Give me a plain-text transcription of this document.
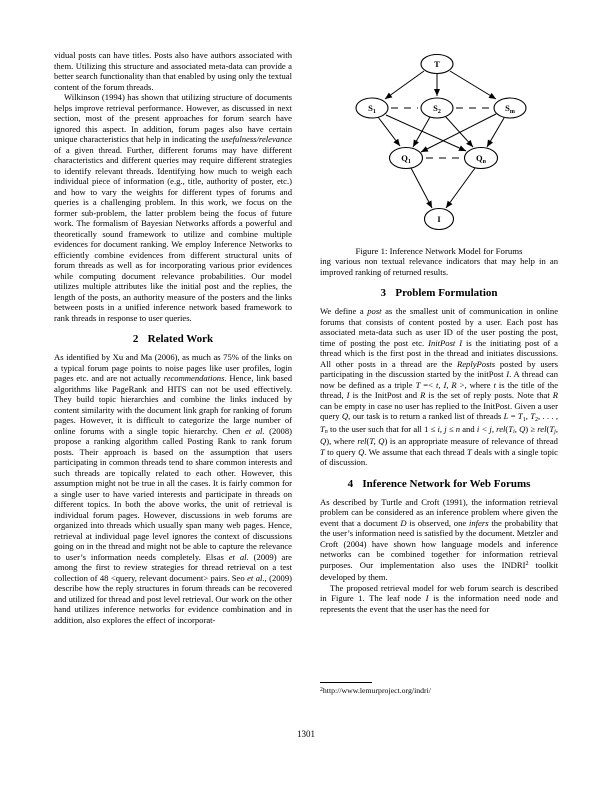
vidual posts can have titles. Posts also have authors associated with them. Utilizing this structure and associated meta-data can provide a better search functionality than that enabled by using only the textual content of the forum threads.

Wilkinson (1994) has shown that utilizing structure of documents helps improve retrieval performance. However, as discussed in next section, most of the present approaches for forum search have ignored this aspect. In addition, forum pages also have certain unique characteristics that help in indicating the usefulness/relevance of a given thread. Further, different forums may have different characteristics and different queries may require different strategies to identify relevant threads. Identifying how much to weigh each individual piece of information (e.g., title, authority of poster, etc.) and how to vary the weights for different types of forums and queries is a challenging problem. In this work, we focus on the former sub-problem, the latter problem being the focus of future work. The formalism of Bayesian Networks affords a powerful and theoretically sound framework to utilize and combine multiple evidences for document ranking. We employ Inference Networks to efficiently combine evidences from different structural units of forum threads as well as for incorporating various prior evidences while computing document relevance probabilities. Our model utilizes multiple attributes like the initial post and the replies, the length of the posts, an authority measure of the posters and the links between posts in a unified inference network based framework to rank threads in response to user queries.

2 Related Work

As identified by Xu and Ma (2006), as much as 75% of the links on a typical forum page points to noise pages like user profiles, login pages etc. and are not actually recommendations. Hence, link based algorithms like PageRank and HITS can not be used effectively. They build topic hierarchies and combine the links induced by content similarity with the document link graph for ranking of forum pages. However, it is difficult to categorize the large number of online forums with a single topic hierarchy. Chen et al. (2008) propose a ranking algorithm called Posting Rank to rank forum posts. Their approach is based on the assumption that users participating in common threads tend to share common interests and such threads are topically related to each other. However, this assumption might not be true in all the cases. It is fairly common for a single user to have varied interests and participate in threads on different topics. In both the above works, the unit of retrieval is individual forum pages. However, discussions in web forums are organized into threads which usually span many web pages. Hence, retrieval at individual page level ignores the context of discussions going on in the thread and might not be able to capture the relevance to user’s information needs completely. Elsas et al. (2009) are among the first to review strategies for thread retrieval on a test collection of 48 <query, relevant document> pairs. Seo et al., (2009) describe how the reply structures in forum threads can be recovered and utilized for thread and post level retrieval. Our work on the other hand utilizes inference networks for evidence combination and in addition, also explores the effect of incorporat-

T
$S_1$	$S_2$	$S_m$
$Q_1$	$Q_n$
I
Figure 1: Inference Network Model for Forums

ing various non textual relevance indicators that may help in an improved ranking of returned results.

3 Problem Formulation

We define a post as the smallest unit of communication in online forums that consists of content posted by a user. Each post has associated meta-data such as user ID of the user posting the post, time of posting the post etc. InitPost I is the initiating post of a thread which is the first post in the thread and initiates discussions. All other posts in a thread are the ReplyPosts posted by users participating in the discussion started by the initPost I. A thread can now be defined as a triple T =< t, I, R >, where t is the title of the thread, I is the InitPost and R is the set of reply posts. Note that R can be empty in case no user has replied to the InitPost. Given a user query Q, our task is to return a ranked list of threads L = T1, T2, . . . , Tn to the user such that for all 1 ≤ i, j ≤ n and i < j, rel(Ti, Q) ≥ rel(Tj, Q), where rel(T, Q) is an appropriate measure of relevance of thread T to query Q. We assume that each thread T deals with a single topic of discussion.

4 Inference Network for Web Forums

As described by Turtle and Croft (1991), the information retrieval problem can be considered as an inference problem where given the event that a document D is observed, one infers the probability that the user’s information need is satisfied by the document. Metzler and Croft (2004) have shown how language models and inference networks can be combined together for information retrieval purposes. Our implementation also uses the INDRI$^2$ toolkit developed by them.

The proposed retrieval model for web forum search is described in Figure 1. The leaf node I is the information need node and represents the event that the user has the need for

$^2$http://www.lemurproject.org/indri/
1301
